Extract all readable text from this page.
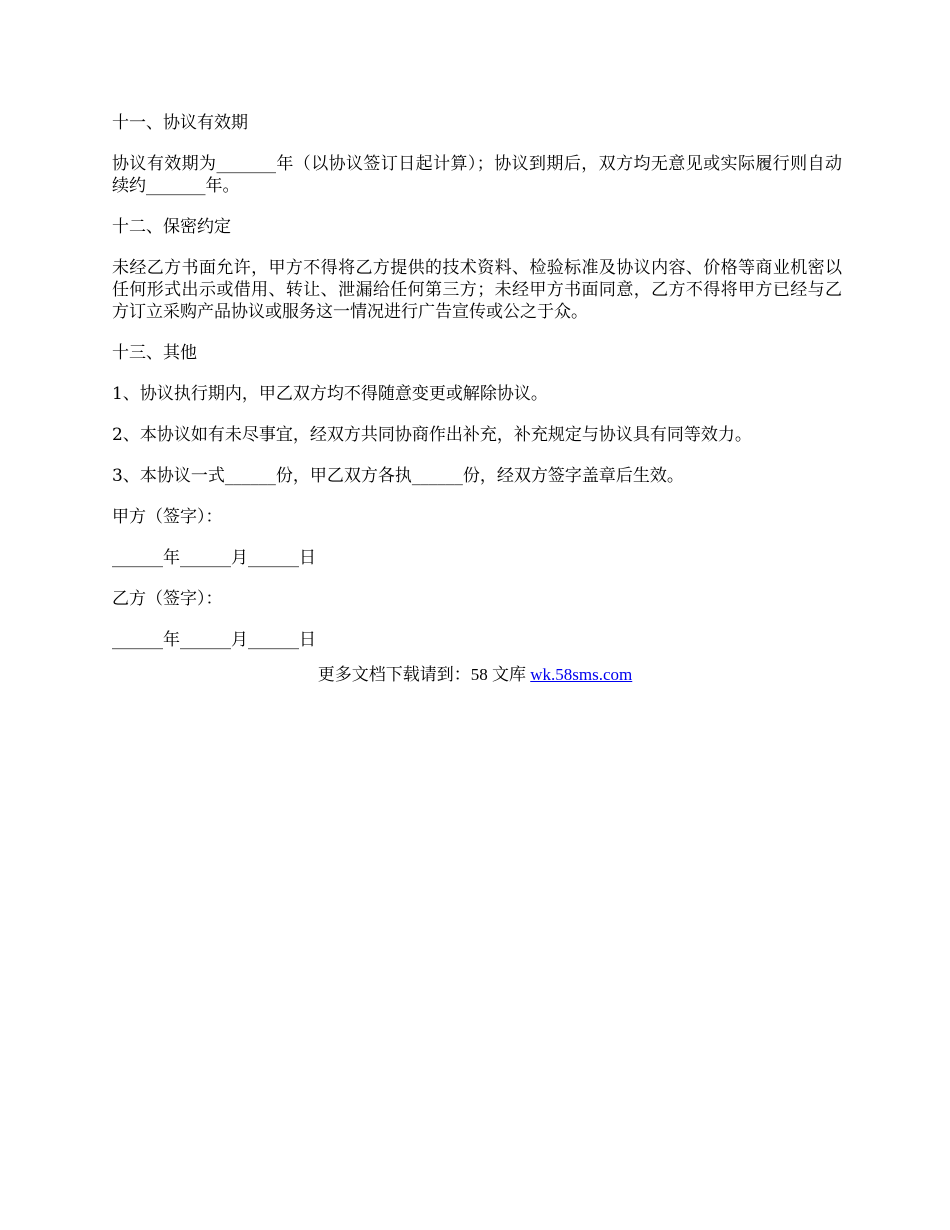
十一、协议有效期
协议有效期为_______年（以协议签订日起计算）；协议到期后，双方均无意见或实际履行则自动续约_______年。
十二、保密约定
未经乙方书面允许，甲方不得将乙方提供的技术资料、检验标准及协议内容、价格等商业机密以任何形式出示或借用、转让、泄漏给任何第三方；未经甲方书面同意，乙方不得将甲方已经与乙方订立采购产品协议或服务这一情况进行广告宣传或公之于众。
十三、其他
1、协议执行期内，甲乙双方均不得随意变更或解除协议。
2、本协议如有未尽事宜，经双方共同协商作出补充，补充规定与协议具有同等效力。
3、本协议一式______份，甲乙双方各执______份，经双方签字盖章后生效。
甲方（签字）：
______年______月______日
乙方（签字）：
______年______月______日
更多文档下载请到：58 文库 wk.58sms.com
